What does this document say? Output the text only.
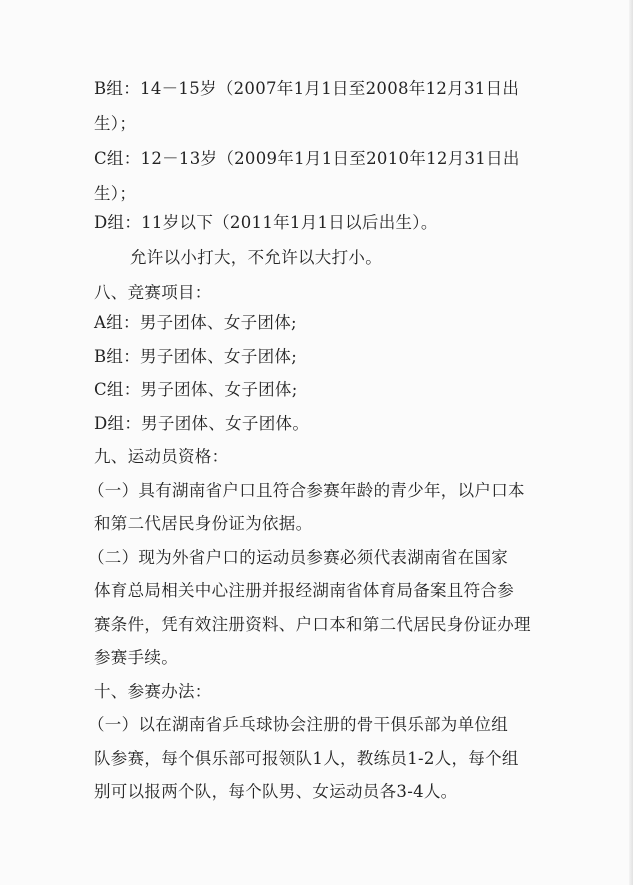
B组：14－15岁（2007年1月1日至2008年12月31日出
生）；
C组：12－13岁（2009年1月1日至2010年12月31日出
生）；
D组：11岁以下（2011年1月1日以后出生）。
允许以小打大，不允许以大打小。
八、竞赛项目：
A组：男子团体、女子团体;
B组：男子团体、女子团体;
C组：男子团体、女子团体;
D组：男子团体、女子团体。
九、运动员资格：
（一）具有湖南省户口且符合参赛年龄的青少年，以户口本
和第二代居民身份证为依据。
（二）现为外省户口的运动员参赛必须代表湖南省在国家
体育总局相关中心注册并报经湖南省体育局备案且符合参
赛条件，凭有效注册资料、户口本和第二代居民身份证办理
参赛手续。
十、参赛办法：
（一）以在湖南省乒乓球协会注册的骨干俱乐部为单位组
队参赛，每个俱乐部可报领队1人，教练员1-2人，每个组
别可以报两个队，每个队男、女运动员各3-4人。
